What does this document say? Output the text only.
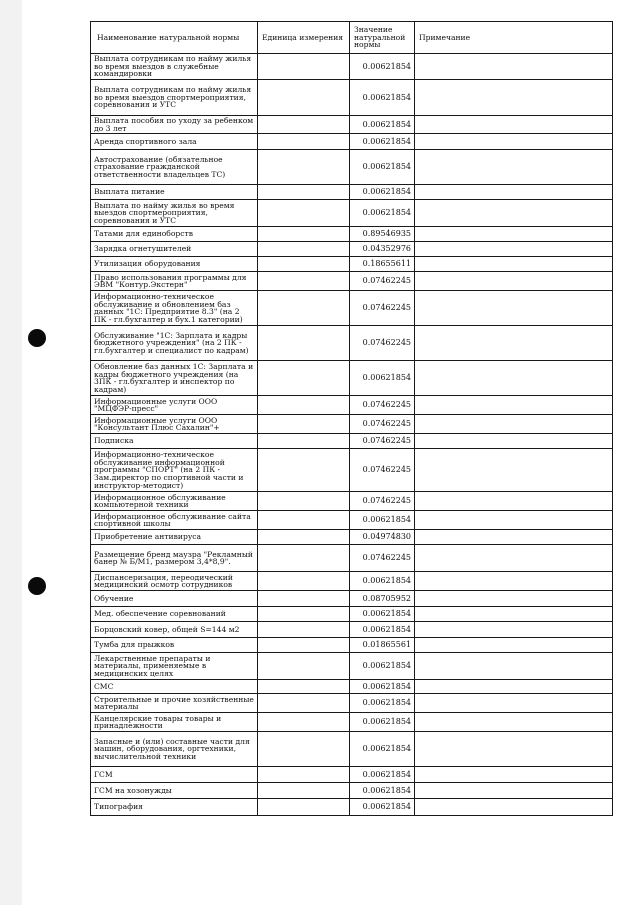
Наименование натуральной нормы	Единица измерения	Значение натуральной нормы	Примечание
Выплата сотрудникам по найму жилья во время выездов в служебные командировки		0.00621854	
Выплата сотрудникам по найму жилья во время выездов спортмероприятия, соревнования и УТС		0.00621854	
Выплата пособия по уходу за ребенком до 3 лет		0.00621854	
Аренда спортивного зала		0.00621854	
Автострахование (обязательное страхование гражданской ответственности владельцев ТС)		0.00621854	
Выплата питание		0.00621854	
Выплата по найму жилья во время выездов спортмероприятия, соревнования и УТС		0.00621854	
Татами для единоборств		0.89546935	
Зарядка огнетушителей		0.04352976	
Утилизация оборудования		0.18655611	
Право использования программы для ЭВМ "Контур.Экстерн"		0.07462245	
Информационно-техническое обслуживание и обновлением баз данных "1С: Предприятие 8.3" (на 2 ПК - гл.бухгалтер и бух.1 категории)		0.07462245	
Обслуживание "1С: Зарплата и кадры бюджетного учреждения" (на 2 ПК - гл.бухгалтер и специалист по кадрам)		0.07462245	
Обновление баз данных 1С: Зарплата и кадры бюджетного учреждения (на 3ПК - гл.бухгалтер и инспектор по кадрам)		0.00621854	
Информационные услуги ООО "МЦФЭР-пресс"		0.07462245	
Информационные услуги ООО "Консультант Плюс Сахалин"+		0.07462245	
Подписка		0.07462245	
Информационно-техническое обслуживание информационной программы "СПОРТ" (на 2 ПК - Зам.директор по спортивной части и инструктор-методист)		0.07462245	
Информационное обслуживание компьютерной техники		0.07462245	
Информационное обслуживание сайта спортивной школы		0.00621854	
Приобретение антивируса		0.04974830	
Размещение бренд маузра "Рекламный банер № Б/М1, размером 3,4*8,9".		0.07462245	
Диспансеризация, переодический медицинский осмотр сотрудников		0.00621854	
Обучение		0.08705952	
Мед. обеспечение соревнований		0.00621854	
Борцовский ковер, общей S=144 м2		0.00621854	
Тумба для прыжков		0.01865561	
Лекарственные препараты и материалы, применяемые в медицинских целях		0.00621854	
СМС		0.00621854	
Строительные и прочие хозяйственные материалы		0.00621854	
Канцелярские товары товары и принадлежности		0.00621854	
Запасные и (или) составные части для машин, оборудования, оргтехники, вычислительной техники		0.00621854	
ГСМ		0.00621854	
ГСМ на хозонужды		0.00621854	
Типография		0.00621854	
